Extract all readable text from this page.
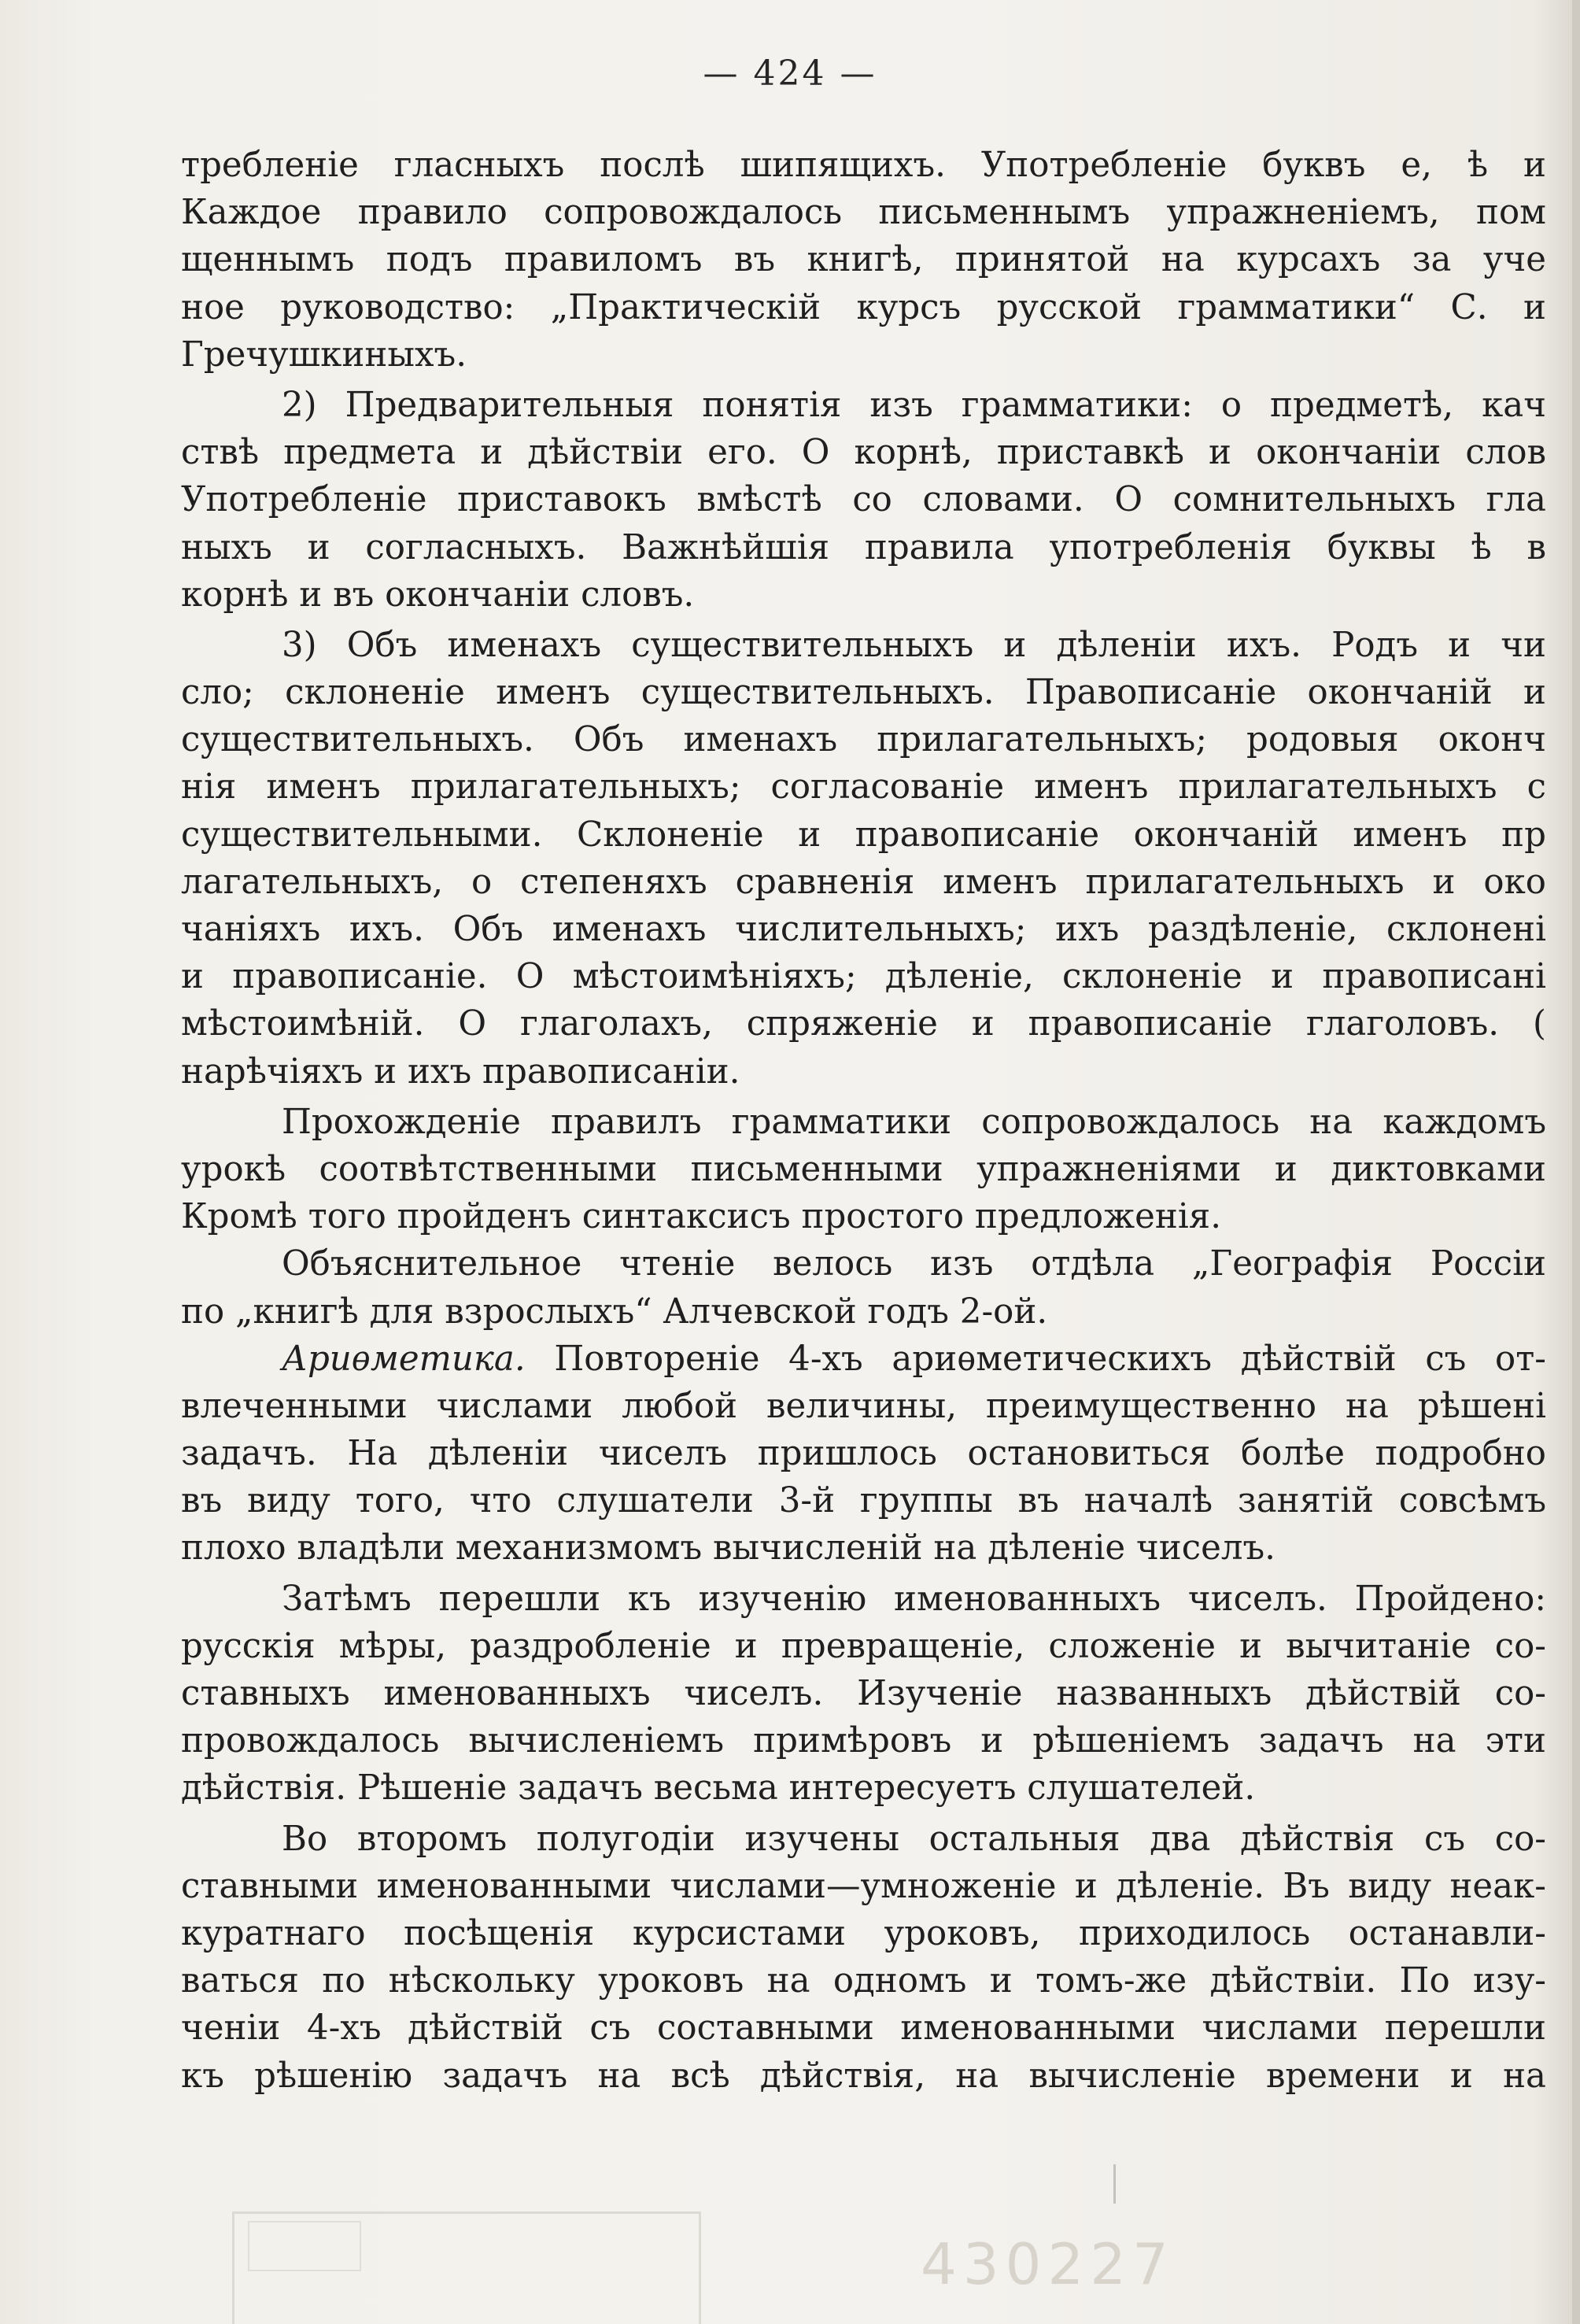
— 424 —

требленіе гласныхъ послѣ шипящихъ. Употребленіе буквъ е, ѣ и

Каждое правило сопровождалось письменнымъ упражненіемъ, пом

щеннымъ подъ правиломъ въ книгѣ, принятой на курсахъ за уче

ное руководство: „Практическій курсъ русской грамматики“ С. и

Гречушкиныхъ.

2) Предварительныя понятія изъ грамматики: о предметѣ, кач

ствѣ предмета и дѣйствіи его. О корнѣ, приставкѣ и окончаніи слов

Употребленіе приставокъ вмѣстѣ со словами. О сомнительныхъ гла

ныхъ и согласныхъ. Важнѣйшія правила употребленія буквы ѣ в

корнѣ и въ окончаніи словъ.

3) Объ именахъ существительныхъ и дѣленіи ихъ. Родъ и чи

сло; склоненіе именъ существительныхъ. Правописаніе окончаній и

существительныхъ. Объ именахъ прилагательныхъ; родовыя оконч

нія именъ прилагательныхъ; согласованіе именъ прилагательныхъ с

существительными. Склоненіе и правописаніе окончаній именъ пр

лагательныхъ, о степеняхъ сравненія именъ прилагательныхъ и око

чаніяхъ ихъ. Объ именахъ числительныхъ; ихъ раздѣленіе, склонені

и правописаніе. О мѣстоимѣніяхъ; дѣленіе, склоненіе и правописані

мѣстоимѣній. О глаголахъ, спряженіе и правописаніе глаголовъ. (

нарѣчіяхъ и ихъ правописаніи.

Прохожденіе правилъ грамматики сопровождалось на каждомъ

урокѣ соотвѣтственными письменными упражненіями и диктовками

Кромѣ того пройденъ синтаксисъ простого предложенія.

Объяснительное чтеніе велось изъ отдѣла „Географія Россіи

по „книгѣ для взрослыхъ“ Алчевской годъ 2-ой.

Ариѳметика. Повтореніе 4-хъ ариѳметическихъ дѣйствій съ от-

влеченными числами любой величины, преимущественно на рѣшені

задачъ. На дѣленіи чиселъ пришлось остановиться болѣе подробно

въ виду того, что слушатели 3-й группы въ началѣ занятій совсѣмъ

плохо владѣли механизмомъ вычисленій на дѣленіе чиселъ.

Затѣмъ перешли къ изученію именованныхъ чиселъ. Пройдено:

русскія мѣры, раздробленіе и превращеніе, сложеніе и вычитаніе со-

ставныхъ именованныхъ чиселъ. Изученіе названныхъ дѣйствій со-

провождалось вычисленіемъ примѣровъ и рѣшеніемъ задачъ на эти

дѣйствія. Рѣшеніе задачъ весьма интересуетъ слушателей.

Во второмъ полугодіи изучены остальныя два дѣйствія съ со-

ставными именованными числами—умноженіе и дѣленіе. Въ виду неак-

куратнаго посѣщенія курсистами уроковъ, приходилось останавли-

ваться по нѣскольку уроковъ на одномъ и томъ-же дѣйствіи. По изу-

ченіи 4-хъ дѣйствій съ составными именованными числами перешли

къ рѣшенію задачъ на всѣ дѣйствія, на вычисленіе времени и на

430227
